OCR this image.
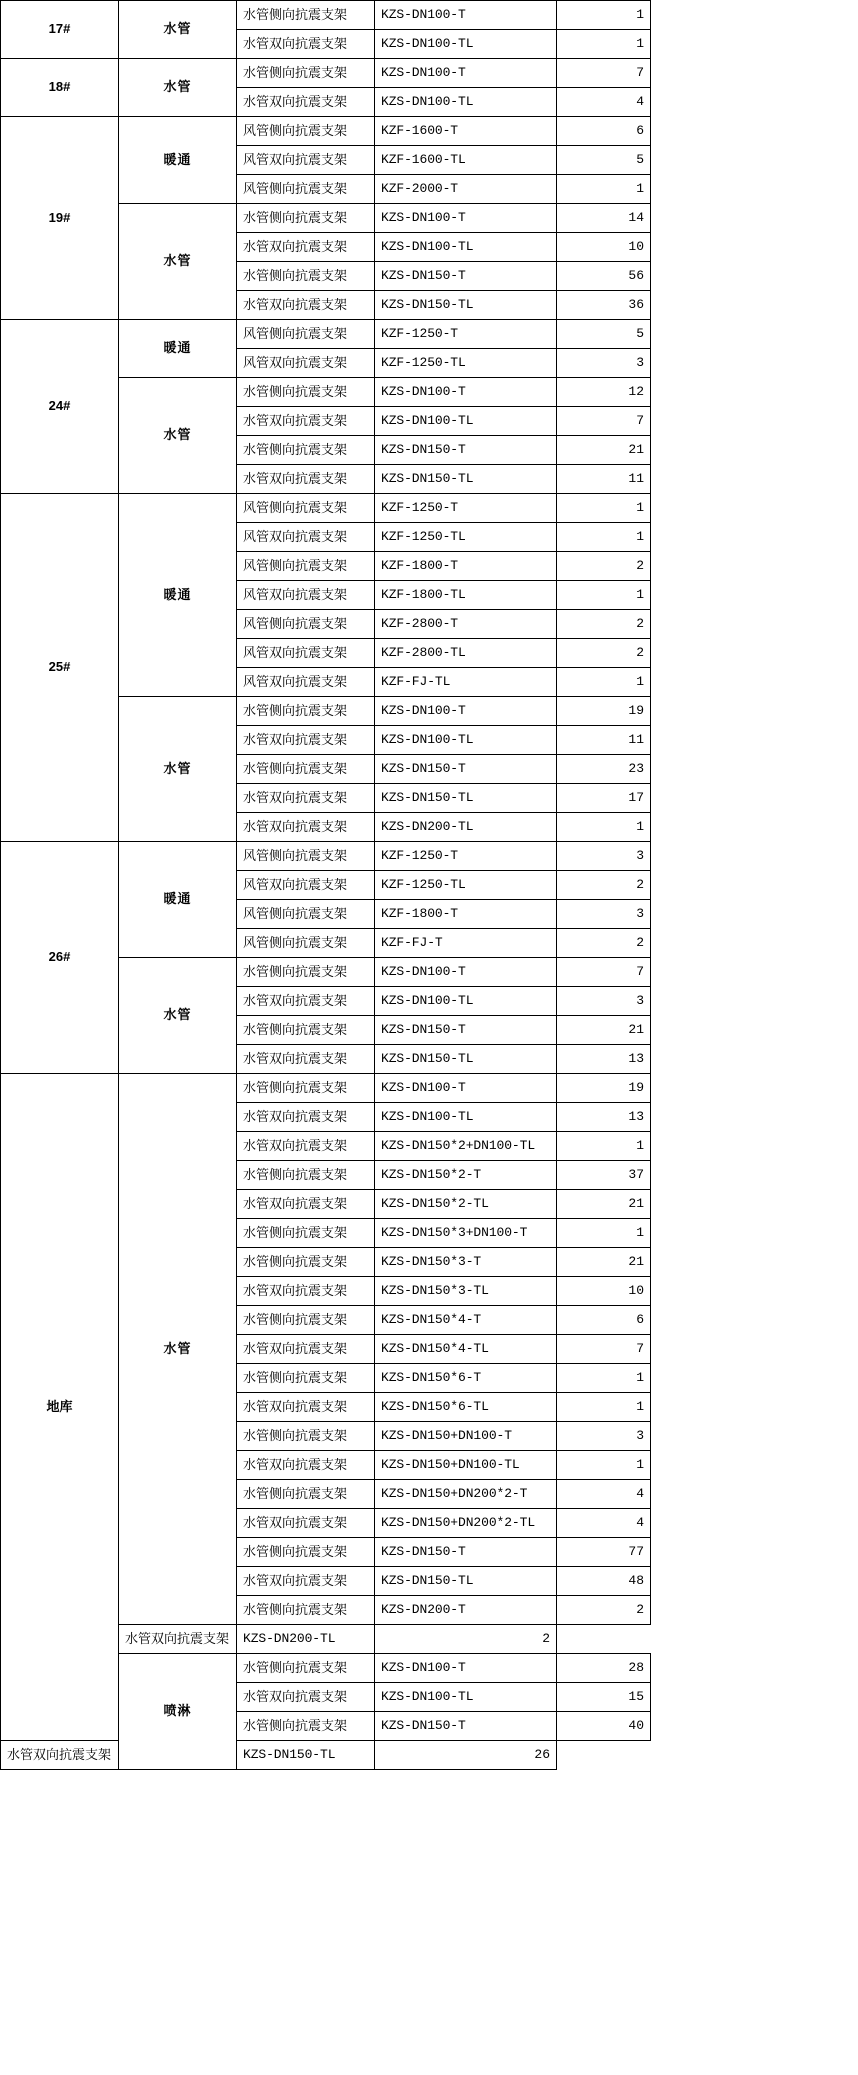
17#	水管	水管侧向抗震支架	KZS-DN100-T	1
		水管双向抗震支架	KZS-DN100-TL	1
18#	水管	水管侧向抗震支架	KZS-DN100-T	7
		水管双向抗震支架	KZS-DN100-TL	4
19#	暖通	风管侧向抗震支架	KZF-1600-T	6
		风管双向抗震支架	KZF-1600-TL	5
		风管侧向抗震支架	KZF-2000-T	1
	水管	水管侧向抗震支架	KZS-DN100-T	14
		水管双向抗震支架	KZS-DN100-TL	10
		水管侧向抗震支架	KZS-DN150-T	56
		水管双向抗震支架	KZS-DN150-TL	36
24#	暖通	风管侧向抗震支架	KZF-1250-T	5
		风管双向抗震支架	KZF-1250-TL	3
	水管	水管侧向抗震支架	KZS-DN100-T	12
		水管双向抗震支架	KZS-DN100-TL	7
		水管侧向抗震支架	KZS-DN150-T	21
		水管双向抗震支架	KZS-DN150-TL	11
25#	暖通	风管侧向抗震支架	KZF-1250-T	1
		风管双向抗震支架	KZF-1250-TL	1
		风管侧向抗震支架	KZF-1800-T	2
		风管双向抗震支架	KZF-1800-TL	1
		风管侧向抗震支架	KZF-2800-T	2
		风管双向抗震支架	KZF-2800-TL	2
		风管双向抗震支架	KZF-FJ-TL	1
	水管	水管侧向抗震支架	KZS-DN100-T	19
		水管双向抗震支架	KZS-DN100-TL	11
		水管侧向抗震支架	KZS-DN150-T	23
		水管双向抗震支架	KZS-DN150-TL	17
		水管双向抗震支架	KZS-DN200-TL	1
26#	暖通	风管侧向抗震支架	KZF-1250-T	3
		风管双向抗震支架	KZF-1250-TL	2
		风管侧向抗震支架	KZF-1800-T	3
		风管侧向抗震支架	KZF-FJ-T	2
	水管	水管侧向抗震支架	KZS-DN100-T	7
		水管双向抗震支架	KZS-DN100-TL	3
		水管侧向抗震支架	KZS-DN150-T	21
		水管双向抗震支架	KZS-DN150-TL	13
地库	水管	水管侧向抗震支架	KZS-DN100-T	19
		水管双向抗震支架	KZS-DN100-TL	13
		水管双向抗震支架	KZS-DN150*2+DN100-TL	1
		水管侧向抗震支架	KZS-DN150*2-T	37
		水管双向抗震支架	KZS-DN150*2-TL	21
		水管侧向抗震支架	KZS-DN150*3+DN100-T	1
		水管侧向抗震支架	KZS-DN150*3-T	21
		水管双向抗震支架	KZS-DN150*3-TL	10
		水管侧向抗震支架	KZS-DN150*4-T	6
		水管双向抗震支架	KZS-DN150*4-TL	7
		水管侧向抗震支架	KZS-DN150*6-T	1
		水管双向抗震支架	KZS-DN150*6-TL	1
		水管侧向抗震支架	KZS-DN150+DN100-T	3
		水管双向抗震支架	KZS-DN150+DN100-TL	1
		水管侧向抗震支架	KZS-DN150+DN200*2-T	4
		水管双向抗震支架	KZS-DN150+DN200*2-TL	4
		水管侧向抗震支架	KZS-DN150-T	77
		水管双向抗震支架	KZS-DN150-TL	48
		水管侧向抗震支架	KZS-DN200-T	2
	水管双向抗震支架	KZS-DN200-TL	2	
	喷淋	水管侧向抗震支架	KZS-DN100-T	28
		水管双向抗震支架	KZS-DN100-TL	15
		水管侧向抗震支架	KZS-DN150-T	40
水管双向抗震支架		KZS-DN150-TL	26	
